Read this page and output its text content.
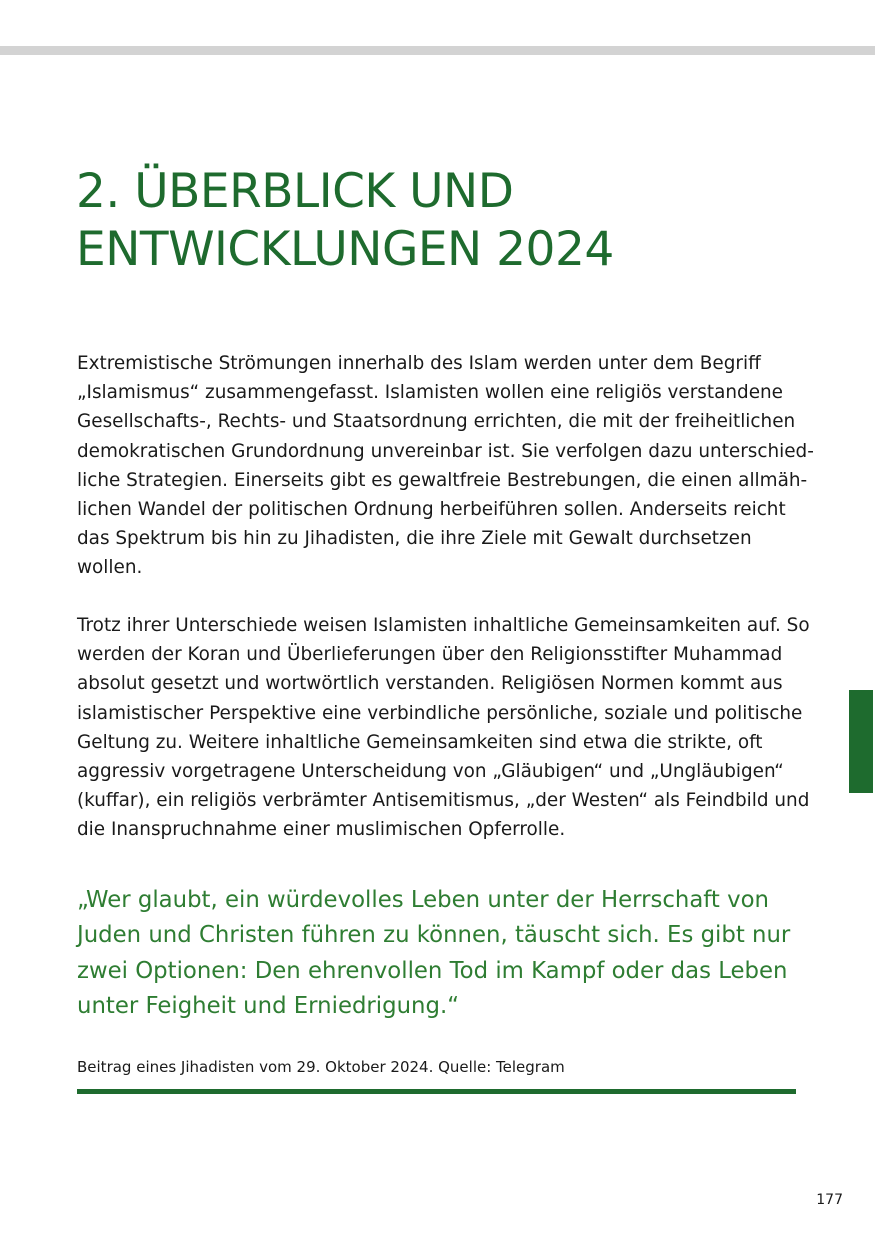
2. ÜBERBLICK UND
ENTWICKLUNGEN 2024
Extremistische Strömungen innerhalb des Islam werden unter dem Begriff
„Islamismus“ zusammengefasst. Islamisten wollen eine religiös verstandene
Gesellschafts-, Rechts- und Staatsordnung errichten, die mit der freiheitlichen
demokratischen Grundordnung unvereinbar ist. Sie verfolgen dazu unterschied-
liche Strategien. Einerseits gibt es gewaltfreie Bestrebungen, die einen allmäh-
lichen Wandel der politischen Ordnung herbeiführen sollen. Anderseits reicht
das Spektrum bis hin zu Jihadisten, die ihre Ziele mit Gewalt durchsetzen
wollen.
Trotz ihrer Unterschiede weisen Islamisten inhaltliche Gemeinsamkeiten auf. So
werden der Koran und Überlieferungen über den Religionsstifter Muhammad
absolut gesetzt und wortwörtlich verstanden. Religiösen Normen kommt aus
islamistischer Perspektive eine verbindliche persönliche, soziale und politische
Geltung zu. Weitere inhaltliche Gemeinsamkeiten sind etwa die strikte, oft
aggressiv vorgetragene Unterscheidung von „Gläubigen“ und „Ungläubigen“
(kuffar), ein religiös verbrämter Antisemitismus, „der Westen“ als Feindbild und
die Inanspruchnahme einer muslimischen Opferrolle.
„Wer glaubt, ein würdevolles Leben unter der Herrschaft von
Juden und Christen führen zu können, täuscht sich. Es gibt nur
zwei Optionen: Den ehrenvollen Tod im Kampf oder das Leben
unter Feigheit und Erniedrigung.“
Beitrag eines Jihadisten vom 29. Oktober 2024. Quelle: Telegram
177
